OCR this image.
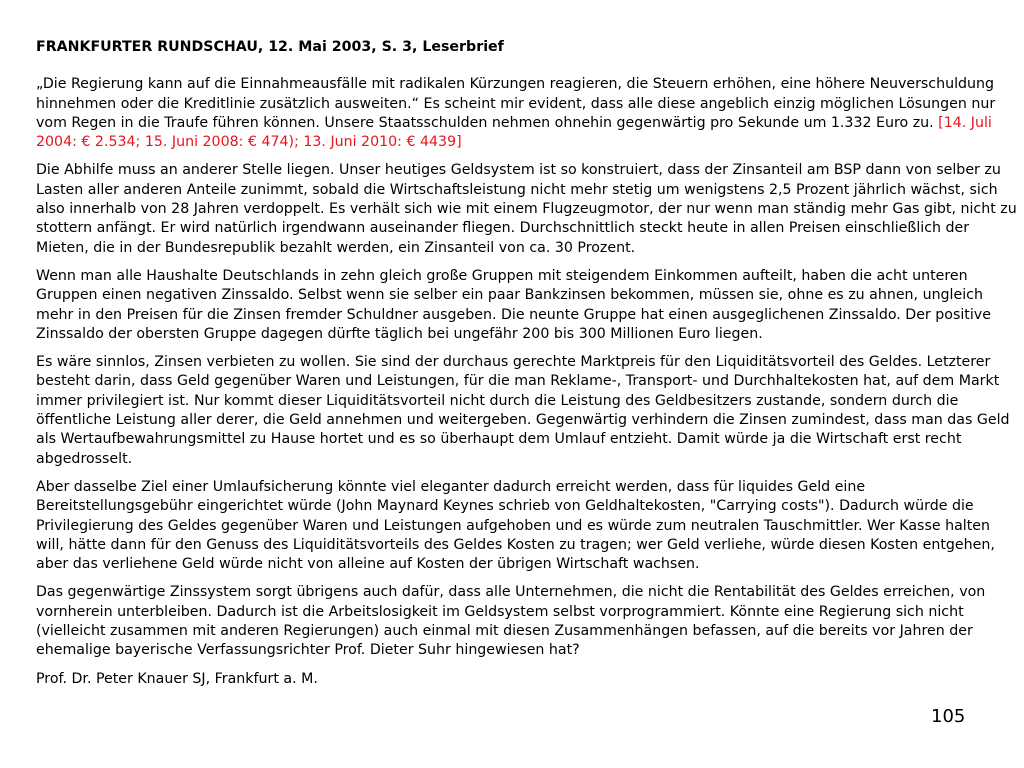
FRANKFURTER RUNDSCHAU, 12. Mai 2003, S. 3, Leserbrief

„Die Regierung kann auf die Einnahmeausfälle mit radikalen Kürzungen reagieren, die Steuern erhöhen, eine höhere Neuverschuldung hinnehmen oder die Kreditlinie zusätzlich ausweiten.“ Es scheint mir evident, dass alle diese angeblich einzig möglichen Lösungen nur vom Regen in die Traufe führen können. Unsere Staatsschulden nehmen ohnehin gegenwärtig pro Sekunde um 1.332 Euro zu. [14. Juli 2004: € 2.534; 15. Juni 2008: € 474); 13. Juni 2010: € 4439]

Die Abhilfe muss an anderer Stelle liegen. Unser heutiges Geldsystem ist so konstruiert, dass der Zinsanteil am BSP dann von selber zu Lasten aller anderen Anteile zunimmt, sobald die Wirtschaftsleistung nicht mehr stetig um wenigstens 2,5 Prozent jährlich wächst, sich also innerhalb von 28 Jahren verdoppelt. Es verhält sich wie mit einem Flugzeugmotor, der nur wenn man ständig mehr Gas gibt, nicht zu stottern anfängt. Er wird natürlich irgendwann auseinander fliegen. Durchschnittlich steckt heute in allen Preisen einschließlich der Mieten, die in der Bundesrepublik bezahlt werden, ein Zinsanteil von ca. 30 Prozent.

Wenn man alle Haushalte Deutschlands in zehn gleich große Gruppen mit steigendem Einkommen aufteilt, haben die acht unteren Gruppen einen negativen Zinssaldo. Selbst wenn sie selber ein paar Bankzinsen bekommen, müssen sie, ohne es zu ahnen, ungleich mehr in den Preisen für die Zinsen fremder Schuldner ausgeben. Die neunte Gruppe hat einen ausgeglichenen Zinssaldo. Der positive Zinssaldo der obersten Gruppe dagegen dürfte täglich bei ungefähr 200 bis 300 Millionen Euro liegen.

Es wäre sinnlos, Zinsen verbieten zu wollen. Sie sind der durchaus gerechte Marktpreis für den Liquiditätsvorteil des Geldes. Letzterer besteht darin, dass Geld gegenüber Waren und Leistungen, für die man Reklame-, Transport- und Durchhaltekosten hat, auf dem Markt immer privilegiert ist. Nur kommt dieser Liquiditätsvorteil nicht durch die Leistung des Geldbesitzers zustande, sondern durch die öffentliche Leistung aller derer, die Geld annehmen und weitergeben. Gegenwärtig verhindern die Zinsen zumindest, dass man das Geld als Wertaufbewahrungsmittel zu Hause hortet und es so überhaupt dem Umlauf entzieht. Damit würde ja die Wirtschaft erst recht abgedrosselt.

Aber dasselbe Ziel einer Umlaufsicherung könnte viel eleganter dadurch erreicht werden, dass für liquides Geld eine Bereitstellungsgebühr eingerichtet würde (John Maynard Keynes schrieb von Geldhaltekosten, "Carrying costs"). Dadurch würde die Privilegierung des Geldes gegenüber Waren und Leistungen aufgehoben und es würde zum neutralen Tauschmittler. Wer Kasse halten will, hätte dann für den Genuss des Liquiditätsvorteils des Geldes Kosten zu tragen; wer Geld verliehe, würde diesen Kosten entgehen, aber das verliehene Geld würde nicht von alleine auf Kosten der übrigen Wirtschaft wachsen.

Das gegenwärtige Zinssystem sorgt übrigens auch dafür, dass alle Unternehmen, die nicht die Rentabilität des Geldes erreichen, von vornherein unterbleiben. Dadurch ist die Arbeitslosigkeit im Geldsystem selbst vorprogrammiert. Könnte eine Regierung sich nicht (vielleicht zusammen mit anderen Regierungen) auch einmal mit diesen Zusammenhängen befassen, auf die bereits vor Jahren der ehemalige bayerische Verfassungsrichter Prof. Dieter Suhr hingewiesen hat?

Prof. Dr. Peter Knauer SJ, Frankfurt a. M.

105
